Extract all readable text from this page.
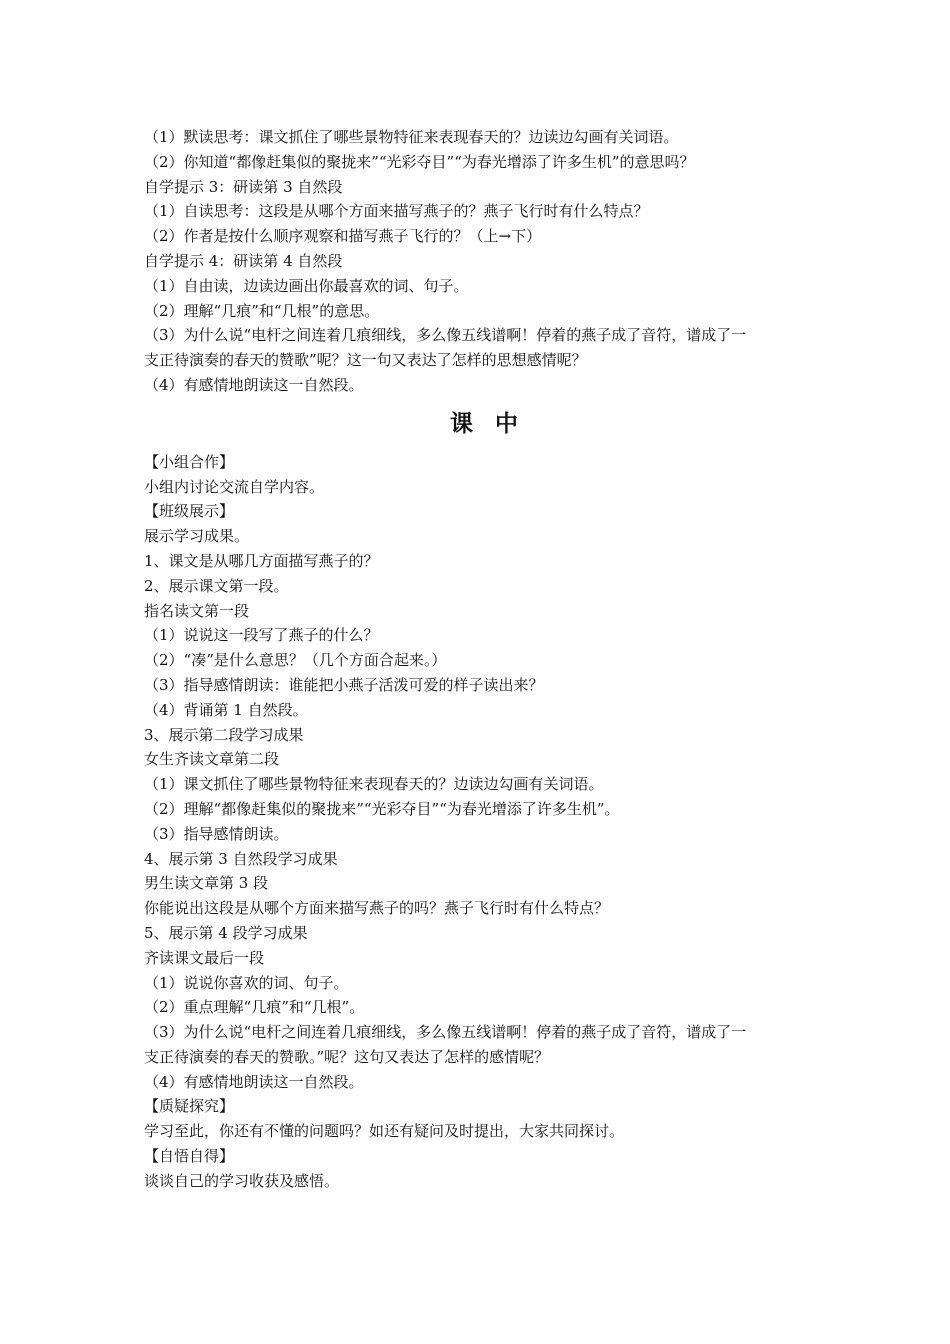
（1）默读思考：课文抓住了哪些景物特征来表现春天的？边读边勾画有关词语。
（2）你知道“都像赶集似的聚拢来”“光彩夺目”“为春光增添了许多生机”的意思吗？
自学提示 3：研读第 3 自然段
（1）自读思考：这段是从哪个方面来描写燕子的？燕子飞行时有什么特点？
（2）作者是按什么顺序观察和描写燕子飞行的？（上→下）
自学提示 4：研读第 4 自然段
（1）自由读，边读边画出你最喜欢的词、句子。
（2）理解“几痕”和“几根”的意思。
（3）为什么说“电杆之间连着几痕细线，多么像五线谱啊！停着的燕子成了音符，谱成了一
支正待演奏的春天的赞歌”呢？这一句又表达了怎样的思想感情呢？
（4）有感情地朗读这一自然段。
课中
【小组合作】
小组内讨论交流自学内容。
【班级展示】
展示学习成果。
1、课文是从哪几方面描写燕子的？
2、展示课文第一段。
指名读文第一段
（1）说说这一段写了燕子的什么？
（2）“凑”是什么意思？（几个方面合起来。）
（3）指导感情朗读：谁能把小燕子活泼可爱的样子读出来？
（4）背诵第 1 自然段。
3、展示第二段学习成果
女生齐读文章第二段
（1）课文抓住了哪些景物特征来表现春天的？边读边勾画有关词语。
（2）理解“都像赶集似的聚拢来”“光彩夺目”“为春光增添了许多生机”。
（3）指导感情朗读。
4、展示第 3 自然段学习成果
男生读文章第 3 段
你能说出这段是从哪个方面来描写燕子的吗？燕子飞行时有什么特点？
5、展示第 4 段学习成果
齐读课文最后一段
（1）说说你喜欢的词、句子。
（2）重点理解“几痕”和“几根”。
（3）为什么说“电杆之间连着几痕细线，多么像五线谱啊！停着的燕子成了音符，谱成了一
支正待演奏的春天的赞歌。”呢？这句又表达了怎样的感情呢？
（4）有感情地朗读这一自然段。
【质疑探究】
学习至此，你还有不懂的问题吗？如还有疑问及时提出，大家共同探讨。
【自悟自得】
谈谈自己的学习收获及感悟。
